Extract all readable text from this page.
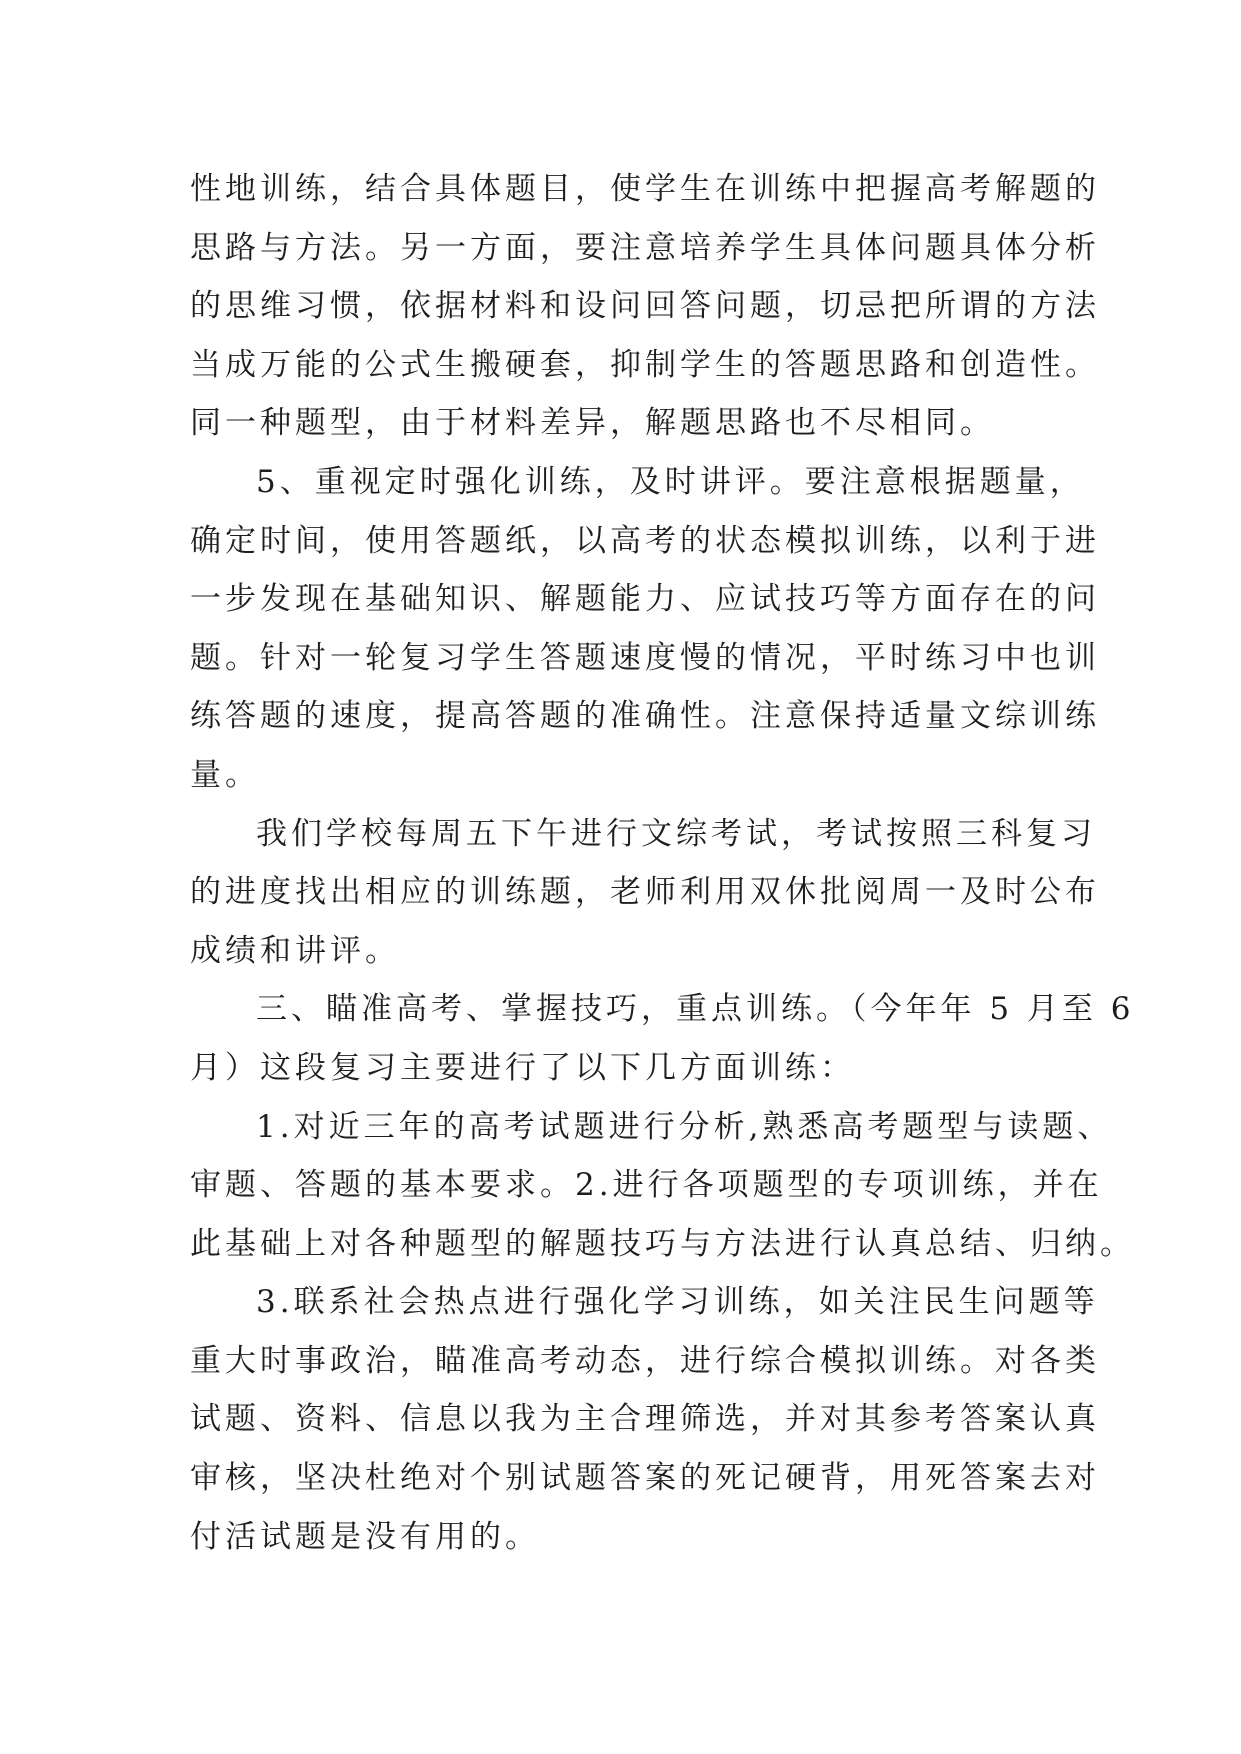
性地训练，结合具体题目，使学生在训练中把握高考解题的
思路与方法。另一方面，要注意培养学生具体问题具体分析
的思维习惯，依据材料和设问回答问题，切忌把所谓的方法
当成万能的公式生搬硬套，抑制学生的答题思路和创造性。
同一种题型，由于材料差异，解题思路也不尽相同。
5、重视定时强化训练，及时讲评。要注意根据题量，
确定时间，使用答题纸，以高考的状态模拟训练，以利于进
一步发现在基础知识、解题能力、应试技巧等方面存在的问
题。针对一轮复习学生答题速度慢的情况，平时练习中也训
练答题的速度，提高答题的准确性。注意保持适量文综训练
量。
我们学校每周五下午进行文综考试，考试按照三科复习
的进度找出相应的训练题，老师利用双休批阅周一及时公布
成绩和讲评。
三、瞄准高考、掌握技巧，重点训练。（今年年 5 月至 6
月）这段复习主要进行了以下几方面训练：
1.对近三年的高考试题进行分析,熟悉高考题型与读题、
审题、答题的基本要求。2.进行各项题型的专项训练，并在
此基础上对各种题型的解题技巧与方法进行认真总结、归纳。
3.联系社会热点进行强化学习训练，如关注民生问题等
重大时事政治，瞄准高考动态，进行综合模拟训练。对各类
试题、资料、信息以我为主合理筛选，并对其参考答案认真
审核，坚决杜绝对个别试题答案的死记硬背，用死答案去对
付活试题是没有用的。
